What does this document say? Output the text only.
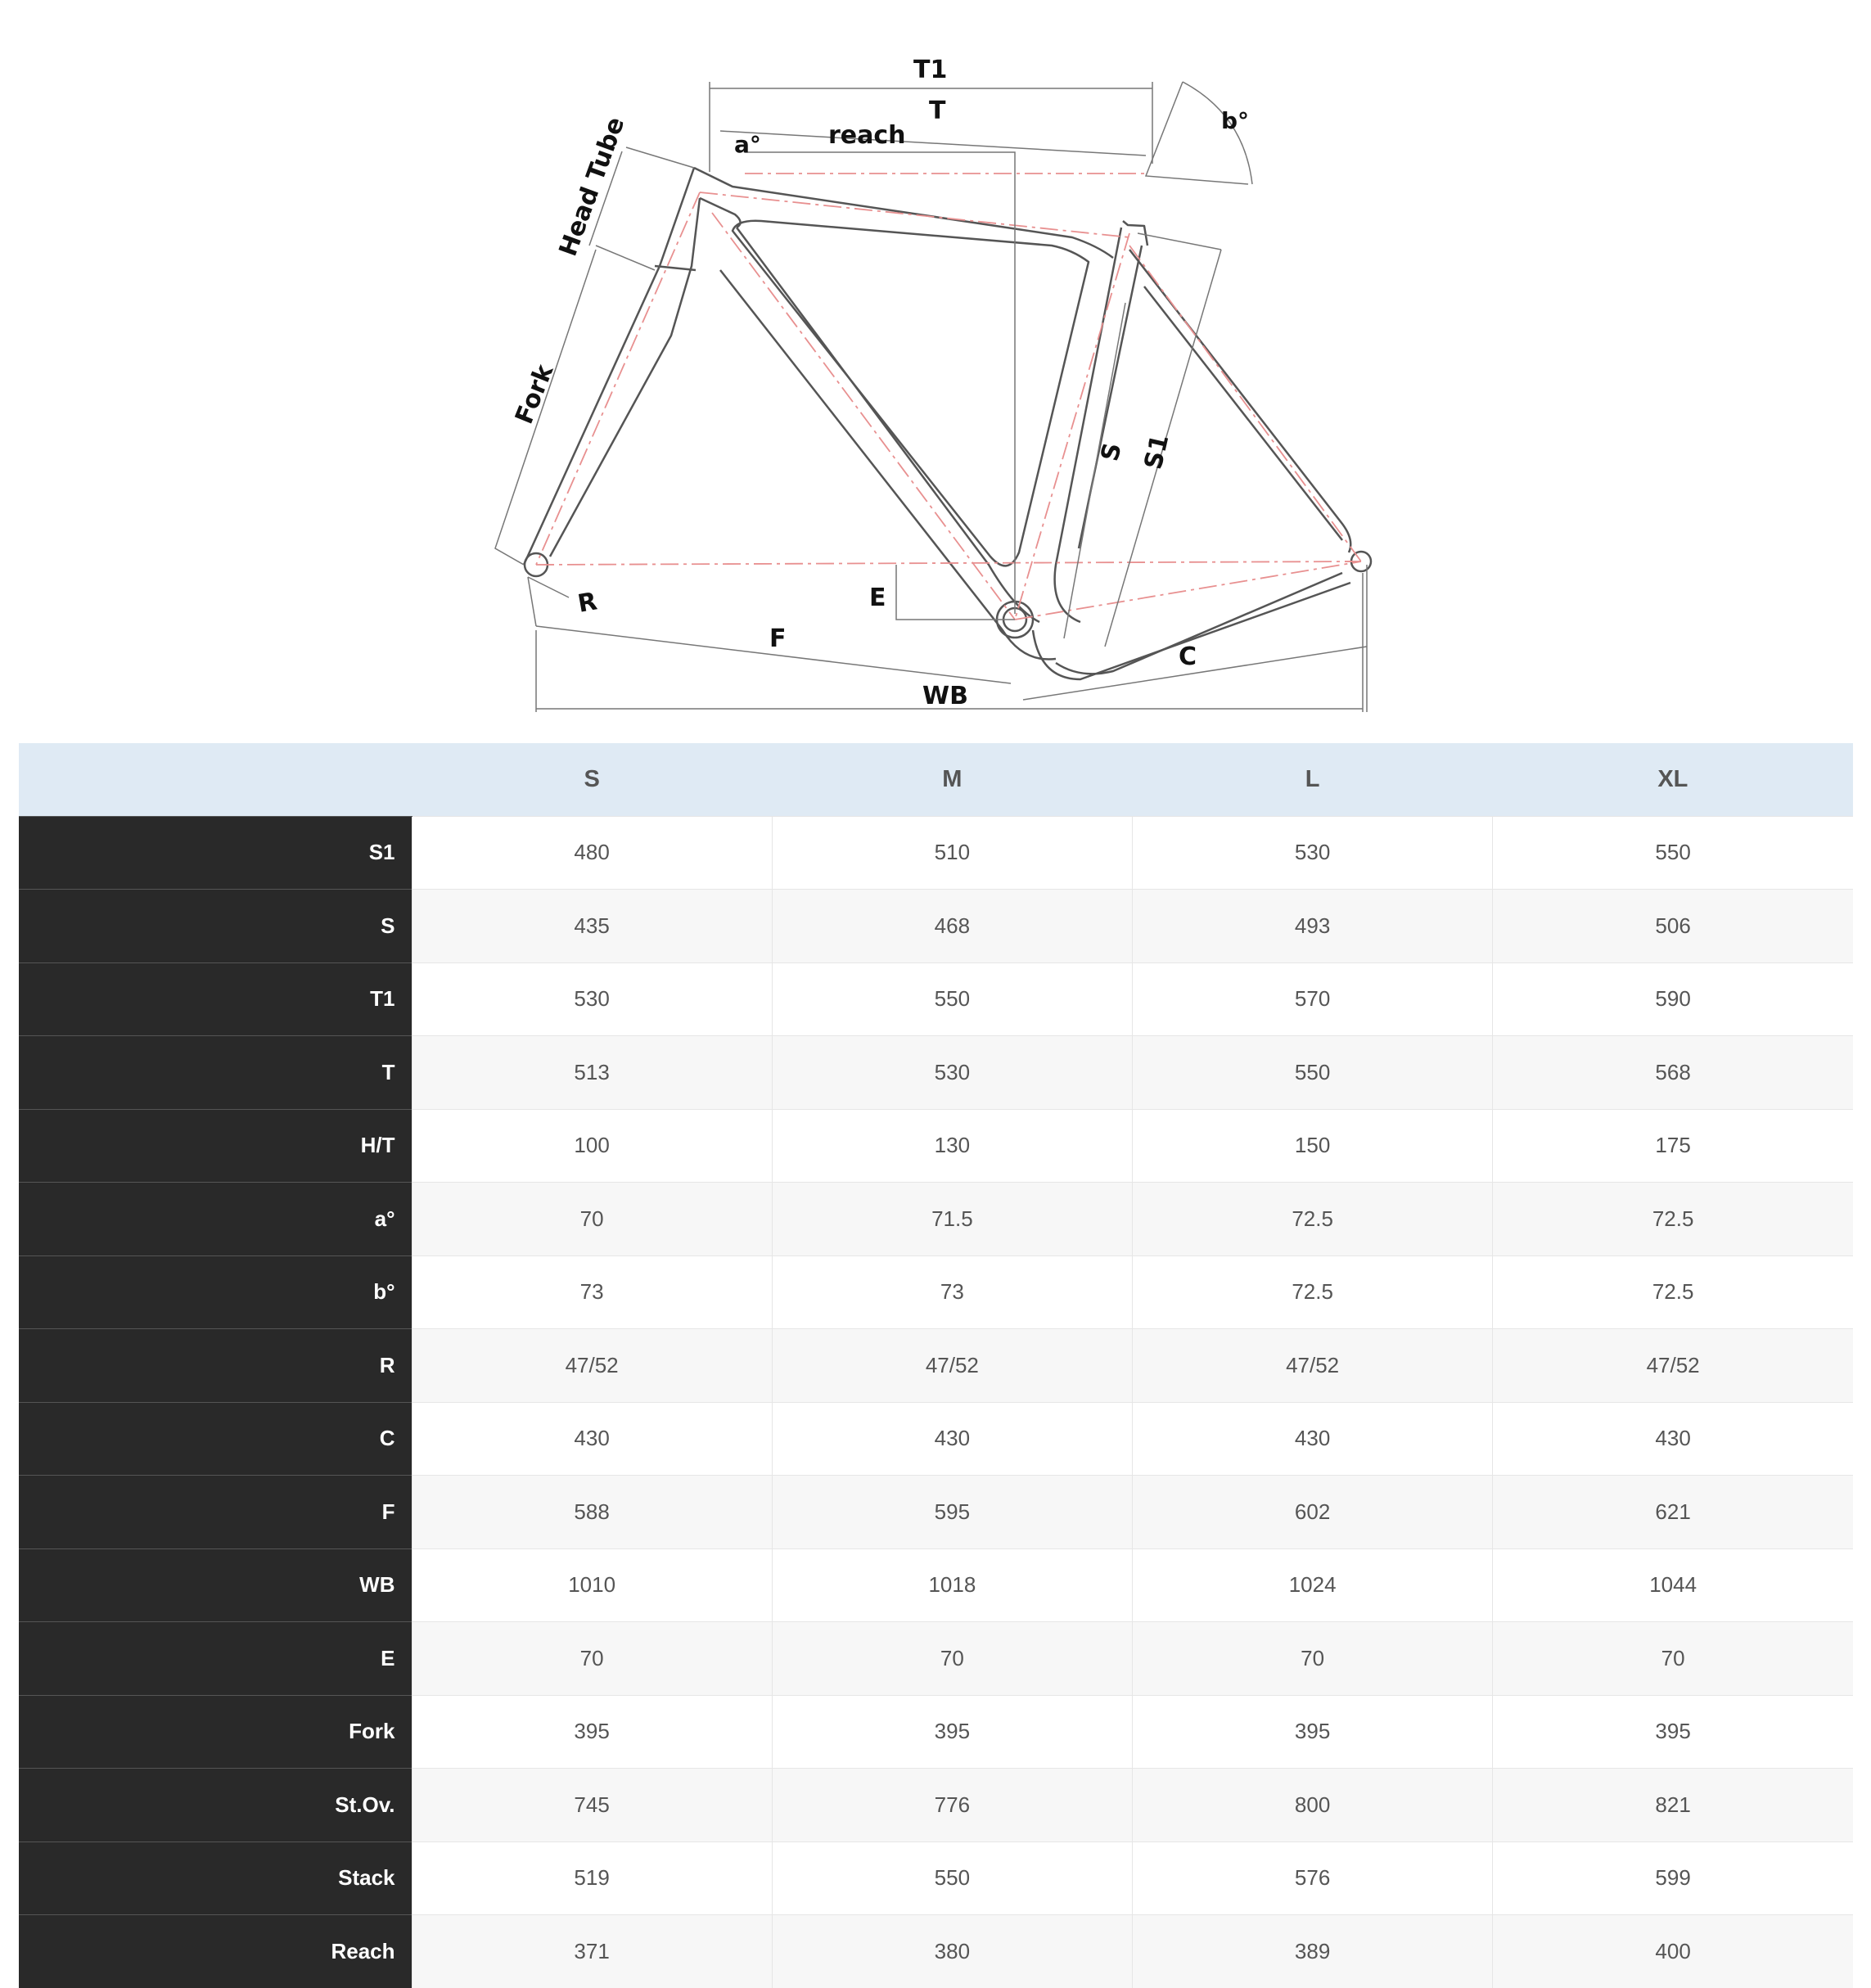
T1
T
reach
a°
b°
Head Tube
Fork
S S1
E
R
F
C
WB
	S	M	L	XL
S1	480	510	530	550
S	435	468	493	506
T1	530	550	570	590
T	513	530	550	568
H/T	100	130	150	175
a°	70	71.5	72.5	72.5
b°	73	73	72.5	72.5
R	47/52	47/52	47/52	47/52
C	430	430	430	430
F	588	595	602	621
WB	1010	1018	1024	1044
E	70	70	70	70
Fork	395	395	395	395
St.Ov.	745	776	800	821
Stack	519	550	576	599
Reach	371	380	389	400
